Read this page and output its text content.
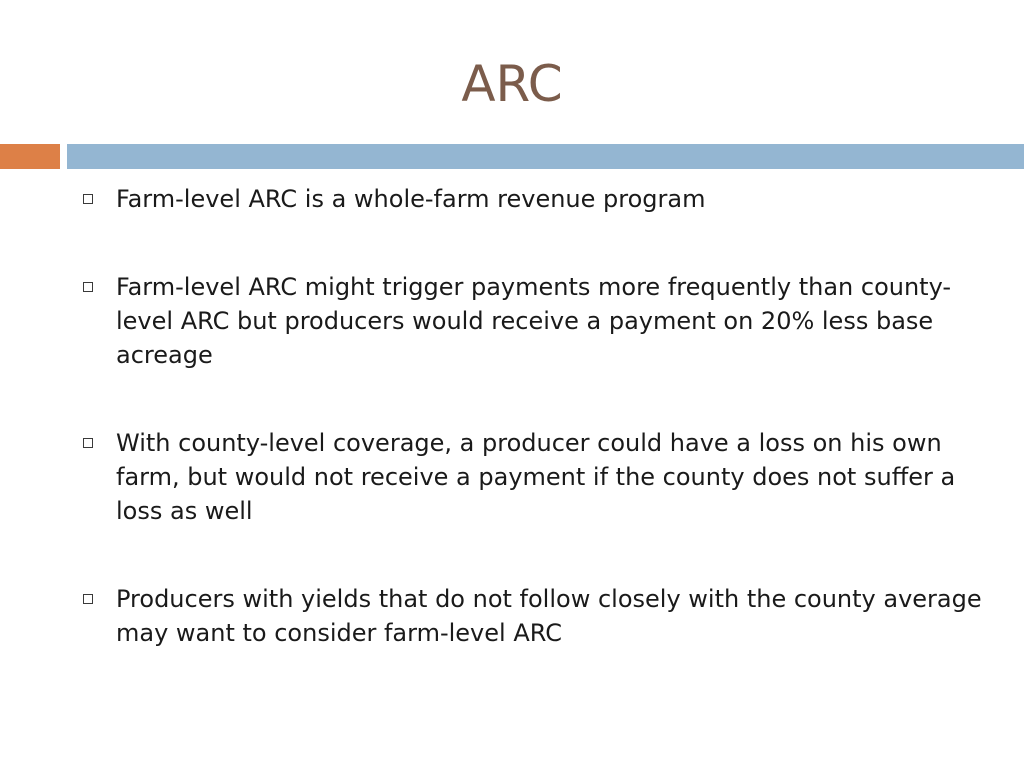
ARC
Farm-level ARC is a whole-farm revenue program
Farm-level ARC might trigger payments more frequently than county-level ARC but producers would receive a payment on 20% less base acreage
With county-level coverage, a producer could have a loss on his own farm, but would not receive a payment if the county does not suffer a loss as well
Producers with yields that do not follow closely with the county average may want to consider farm-level ARC
